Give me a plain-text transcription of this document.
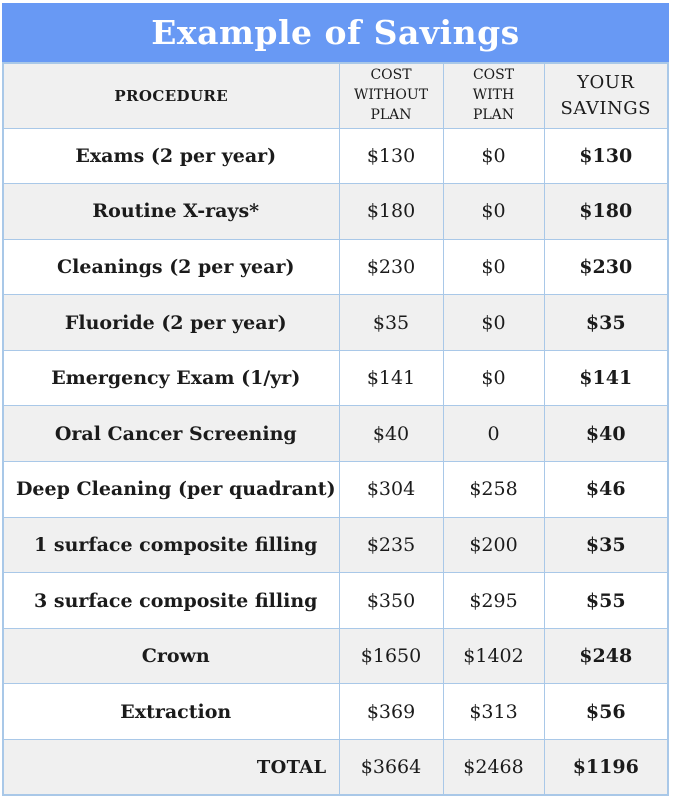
Example of Savings
PROCEDURE	COST WITHOUT PLAN	COST WITH PLAN	YOUR SAVINGS
Exams (2 per year)	$130	$0	$130
Routine X-rays*	$180	$0	$180
Cleanings (2 per year)	$230	$0	$230
Fluoride (2 per year)	$35	$0	$35
Emergency Exam (1/yr)	$141	$0	$141
Oral Cancer Screening	$40	0	$40
Deep Cleaning (per quadrant)	$304	$258	$46
1 surface composite filling	$235	$200	$35
3 surface composite filling	$350	$295	$55
Crown	$1650	$1402	$248
Extraction	$369	$313	$56
TOTAL	$3664	$2468	$1196
